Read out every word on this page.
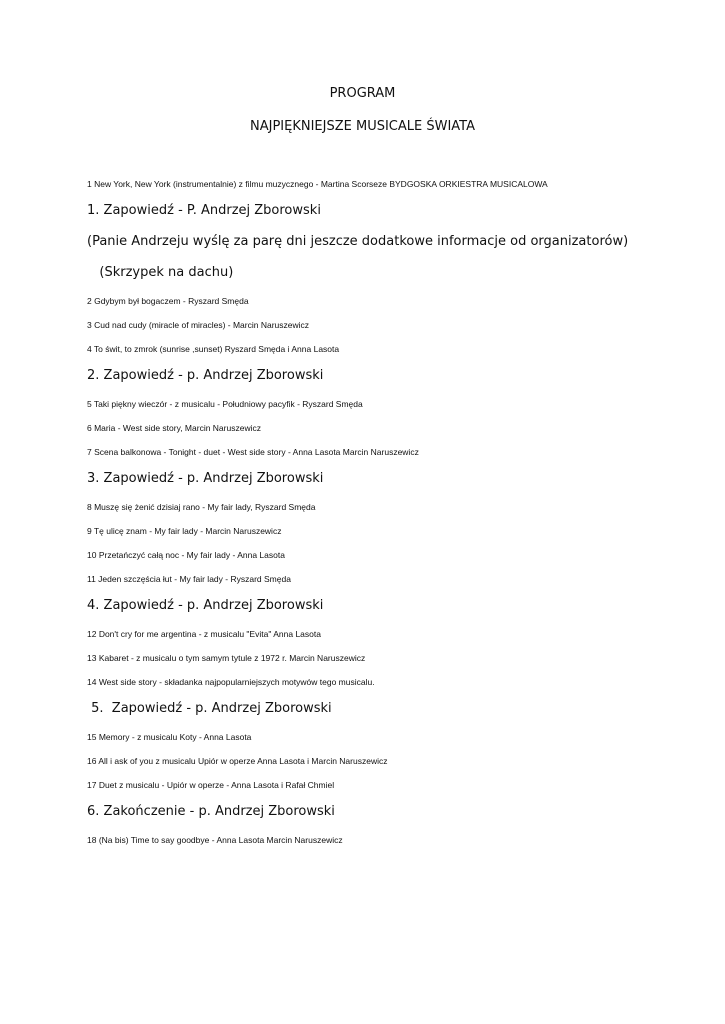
PROGRAM
NAJPIĘKNIEJSZE MUSICALE ŚWIATA
1 New York, New York (instrumentalnie) z filmu muzycznego - Martina Scorseze BYDGOSKA ORKIESTRA MUSICALOWA
1. Zapowiedź - P. Andrzej Zborowski
(Panie Andrzeju wyślę za parę dni jeszcze dodatkowe informacje od organizatorów)
(Skrzypek na dachu)
2 Gdybym był bogaczem - Ryszard Smęda
3 Cud nad cudy (miracle of miracles) - Marcin Naruszewicz
4 To świt, to zmrok (sunrise ,sunset) Ryszard Smęda i Anna Lasota
2. Zapowiedź - p. Andrzej Zborowski
5 Taki piękny wieczór - z musicalu - Południowy pacyfik - Ryszard Smęda
6 Maria - West side story, Marcin Naruszewicz
7 Scena balkonowa - Tonight - duet - West side story - Anna Lasota Marcin Naruszewicz
3. Zapowiedź - p. Andrzej Zborowski
8 Muszę się żenić dzisiaj rano - My fair lady, Ryszard Smęda
9 Tę ulicę znam - My fair lady - Marcin Naruszewicz
10 Przetańczyć całą noc - My fair lady - Anna Lasota
11 Jeden szczęścia łut - My fair lady - Ryszard Smęda
4. Zapowiedź - p. Andrzej Zborowski
12 Don't cry for me argentina - z musicalu "Evita" Anna Lasota
13 Kabaret - z musicalu o tym samym tytule z 1972 r. Marcin Naruszewicz
14 West side story - składanka najpopularniejszych motywów tego musicalu.
5.  Zapowiedź - p. Andrzej Zborowski
15 Memory - z musicalu Koty - Anna Lasota
16 All i ask of you z musicalu Upiór w operze Anna Lasota i Marcin Naruszewicz
17 Duet z musicalu - Upiór w operze - Anna Lasota i Rafał Chmiel
6. Zakończenie - p. Andrzej Zborowski
18 (Na bis) Time to say goodbye - Anna Lasota Marcin Naruszewicz
